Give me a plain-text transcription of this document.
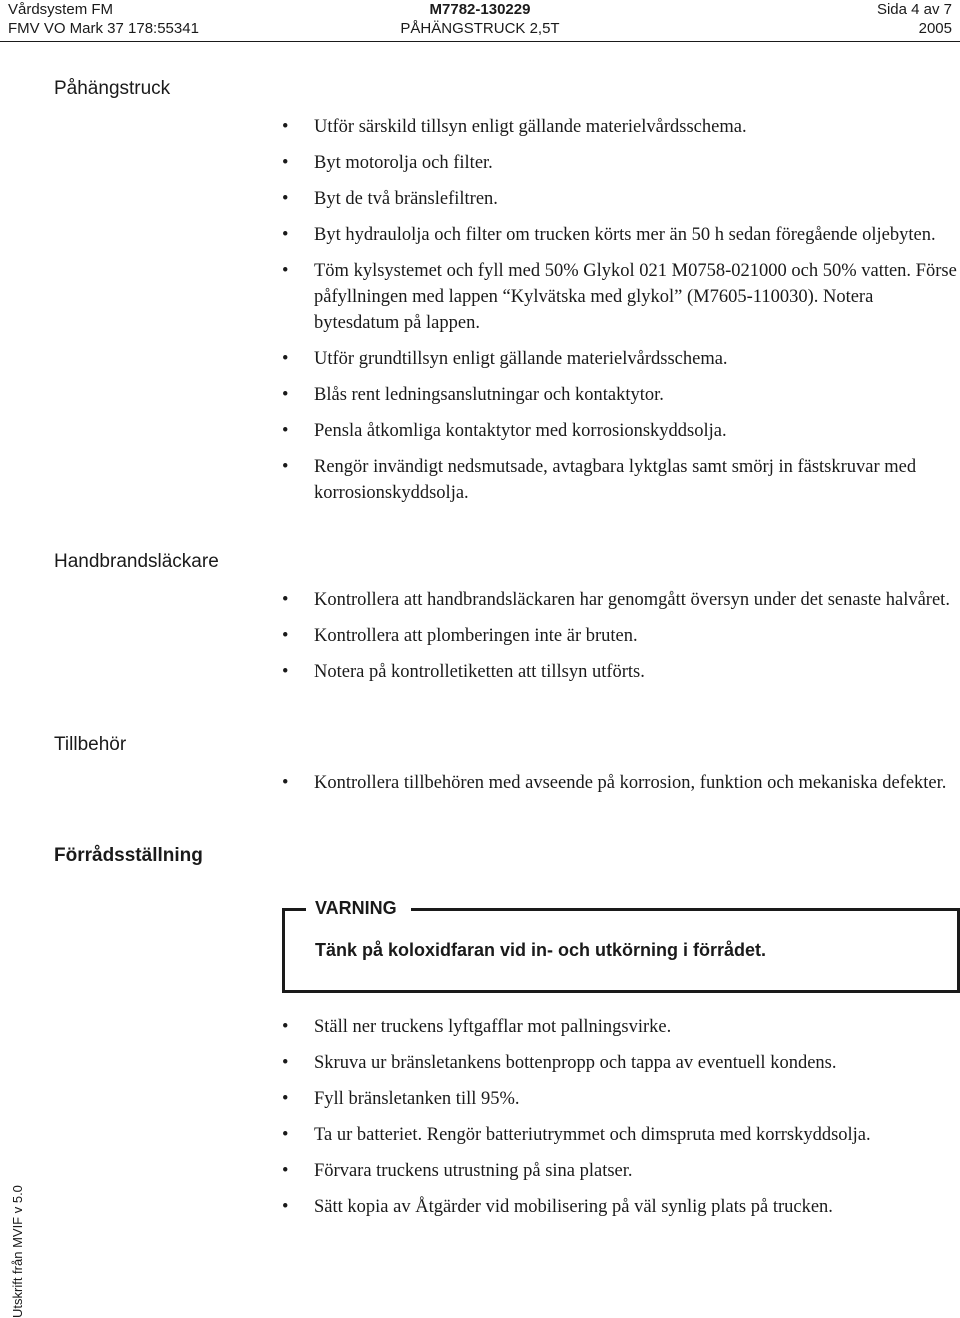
Vårdsystem FM
FMV VO Mark 37 178:55341
M7782-130229
PÅHÄNGSTRUCK 2,5T
Sida 4 av 7
2005
Påhängstruck
• Utför särskild tillsyn enligt gällande materielvårdsschema.
• Byt motorolja och filter.
• Byt de två bränslefiltren.
• Byt hydraulolja och filter om trucken körts mer än 50 h sedan föregående oljebyten.
• Töm kylsystemet och fyll med 50% Glykol 021 M0758-021000 och 50% vatten. Förse påfyllningen med lappen “Kylvätska med glykol” (M7605-110030). Notera bytesdatum på lappen.
• Utför grundtillsyn enligt gällande materielvårdsschema.
• Blås rent ledningsanslutningar och kontaktytor.
• Pensla åtkomliga kontaktytor med korrosionskyddsolja.
• Rengör invändigt nedsmutsade, avtagbara lyktglas samt smörj in fästskruvar med korrosionskyddsolja.
Handbrandsläckare
• Kontrollera att handbrandsläckaren har genomgått översyn under det senaste halvåret.
• Kontrollera att plomberingen inte är bruten.
• Notera på kontrolletiketten att tillsyn utförts.
Tillbehör
• Kontrollera tillbehören med avseende på korrosion, funktion och mekaniska defekter.
Förrådsställning
VARNING
Tänk på koloxidfaran vid in- och utkörning i förrådet.
• Ställ ner truckens lyftgafflar mot pallningsvirke.
• Skruva ur bränsletankens bottenpropp och tappa av eventuell kondens.
• Fyll bränsletanken till 95%.
• Ta ur batteriet. Rengör batteriutrymmet och dimspruta med korrskyddsolja.
• Förvara truckens utrustning på sina platser.
• Sätt kopia av Åtgärder vid mobilisering på väl synlig plats på trucken.
Utskrift från MVIF v 5.0
